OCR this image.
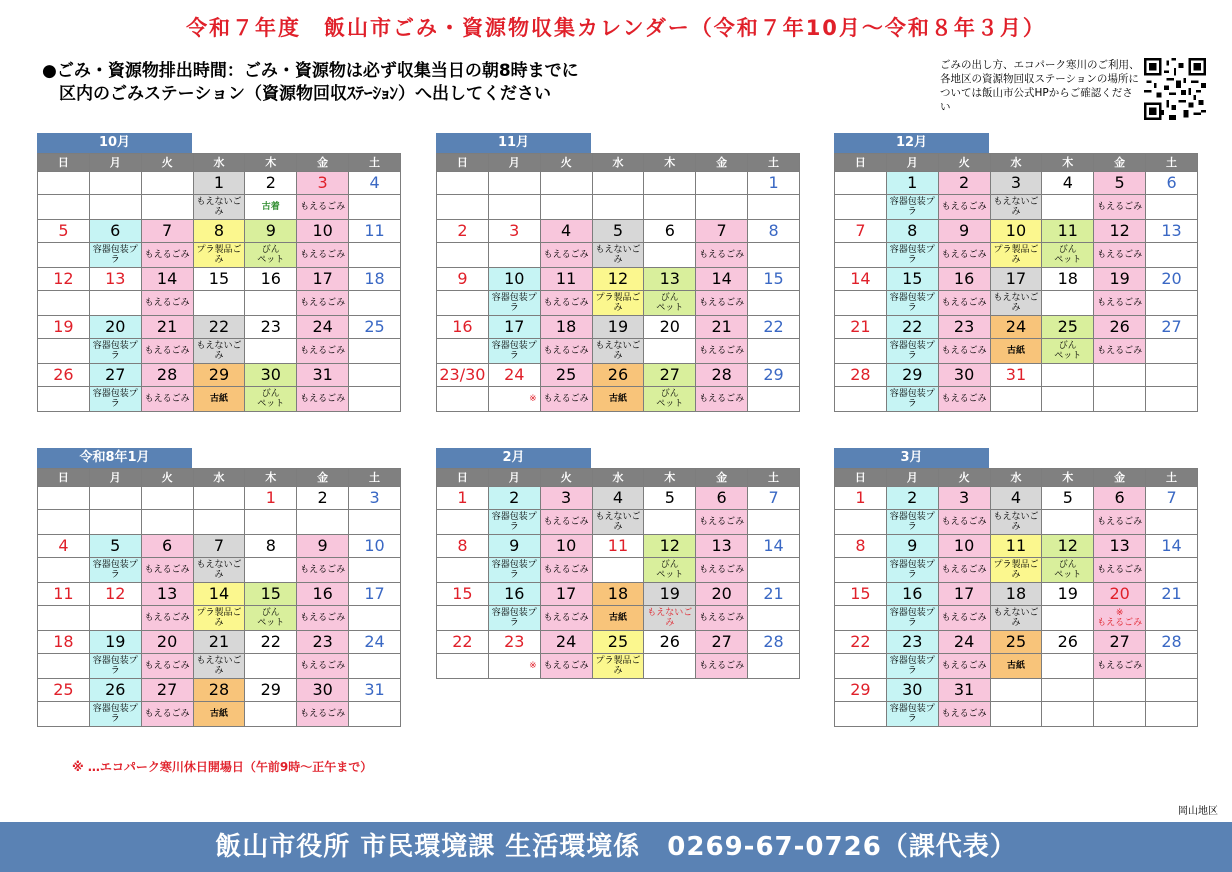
令和７年度　飯山市ごみ・資源物収集カレンダー（令和７年10月～令和８年３月）
●ごみ・資源物排出時間：ごみ・資源物は必ず収集当日の朝8時までに
　区内のごみステーション（資源物回収ｽﾃｰｼｮﾝ）へ出してください
ごみの出し方、エコパーク寒川のご利用、各地区の資源物回収ステーションの場所については飯山市公式HPからご確認ください
10月
日	月	火	水	木	金	土
			1	2	3	4
			もえないごみ	古着	もえるごみ	
5	6	7	8	9	10	11
	容器包装プラ	もえるごみ	プラ製品ごみ	びん
ペット	もえるごみ	
12	13	14	15	16	17	18
		もえるごみ			もえるごみ	
19	20	21	22	23	24	25
	容器包装プラ	もえるごみ	もえないごみ		もえるごみ	
26	27	28	29	30	31	
	容器包装プラ	もえるごみ	古紙	びん
ペット	もえるごみ	
11月
日	月	火	水	木	金	土
						1

2	3	4	5	6	7	8
		もえるごみ	もえないごみ		もえるごみ	
9	10	11	12	13	14	15
	容器包装プラ	もえるごみ	プラ製品ごみ	びん
ペット	もえるごみ	
16	17	18	19	20	21	22
	容器包装プラ	もえるごみ	もえないごみ		もえるごみ	
23/30	24	25	26	27	28	29
	※	もえるごみ	古紙	びん
ペット	もえるごみ	
12月
日	月	火	水	木	金	土
	1	2	3	4	5	6
	容器包装プラ	もえるごみ	もえないごみ		もえるごみ	
7	8	9	10	11	12	13
	容器包装プラ	もえるごみ	プラ製品ごみ	びん
ペット	もえるごみ	
14	15	16	17	18	19	20
	容器包装プラ	もえるごみ	もえないごみ		もえるごみ	
21	22	23	24	25	26	27
	容器包装プラ	もえるごみ	古紙	びん
ペット	もえるごみ	
28	29	30	31			
	容器包装プラ	もえるごみ				
令和8年1月
日	月	火	水	木	金	土
				1	2	3

4	5	6	7	8	9	10
	容器包装プラ	もえるごみ	もえないごみ		もえるごみ	
11	12	13	14	15	16	17
		もえるごみ	プラ製品ごみ	びん
ペット	もえるごみ	
18	19	20	21	22	23	24
	容器包装プラ	もえるごみ	もえないごみ		もえるごみ	
25	26	27	28	29	30	31
	容器包装プラ	もえるごみ	古紙		もえるごみ	
2月
日	月	火	水	木	金	土
1	2	3	4	5	6	7
	容器包装プラ	もえるごみ	もえないごみ		もえるごみ	
8	9	10	11	12	13	14
	容器包装プラ	もえるごみ		びん
ペット	もえるごみ	
15	16	17	18	19	20	21
	容器包装プラ	もえるごみ	古紙	もえないごみ	もえるごみ	
22	23	24	25	26	27	28
	※	もえるごみ	プラ製品ごみ		もえるごみ	
3月
日	月	火	水	木	金	土
1	2	3	4	5	6	7
	容器包装プラ	もえるごみ	もえないごみ		もえるごみ	
8	9	10	11	12	13	14
	容器包装プラ	もえるごみ	プラ製品ごみ	びん
ペット	もえるごみ	
15	16	17	18	19	20	21
	容器包装プラ	もえるごみ	もえないごみ		※
もえるごみ	
22	23	24	25	26	27	28
	容器包装プラ	もえるごみ	古紙		もえるごみ	
29	30	31				
	容器包装プラ	もえるごみ				
※ …エコパーク寒川休日開場日（午前9時～正午まで）
岡山地区
飯山市役所 市民環境課 生活環境係　0269-67-0726（課代表）
